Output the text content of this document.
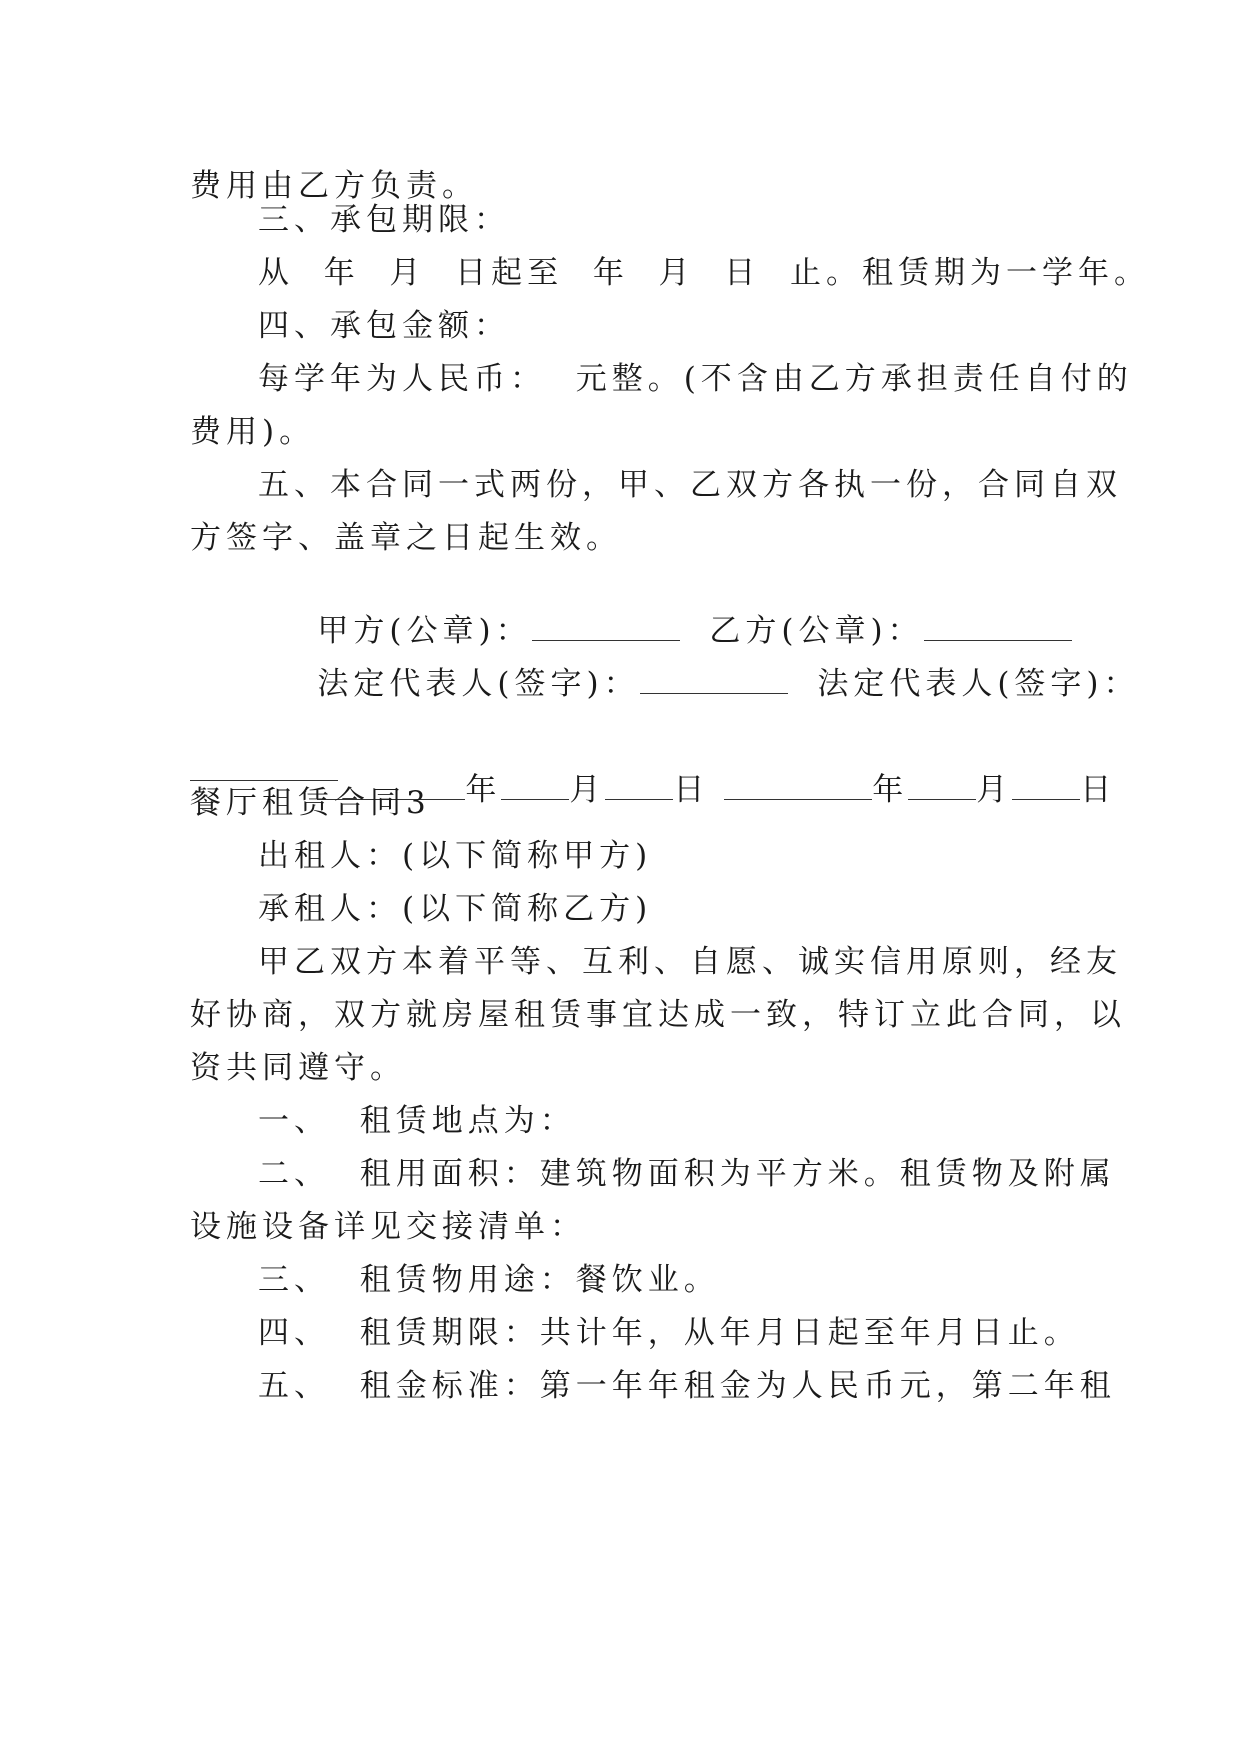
费用由乙方负责。
三、承包期限：
从  年  月  日起至  年  月  日  止。租赁期为一学年。
四、承包金额：
每学年为人民币：  元整。(不含由乙方承担责任自付的
费用)。
五、本合同一式两份，甲、乙双方各执一份，合同自双
方签字、盖章之日起生效。

甲方(公章)：	乙方(公章)：

法定代表人(签字)：	法定代表人(签字)：

年 月 日	年 月 日

餐厅租赁合同3
出租人：(以下简称甲方)
承租人：(以下简称乙方)
甲乙双方本着平等、互利、自愿、诚实信用原则，经友
好协商，双方就房屋租赁事宜达成一致，特订立此合同，以
资共同遵守。
一、  租赁地点为：
二、  租用面积：建筑物面积为平方米。租赁物及附属
设施设备详见交接清单：
三、  租赁物用途：餐饮业。
四、  租赁期限：共计年，从年月日起至年月日止。
五、  租金标准：第一年年租金为人民币元，第二年租
